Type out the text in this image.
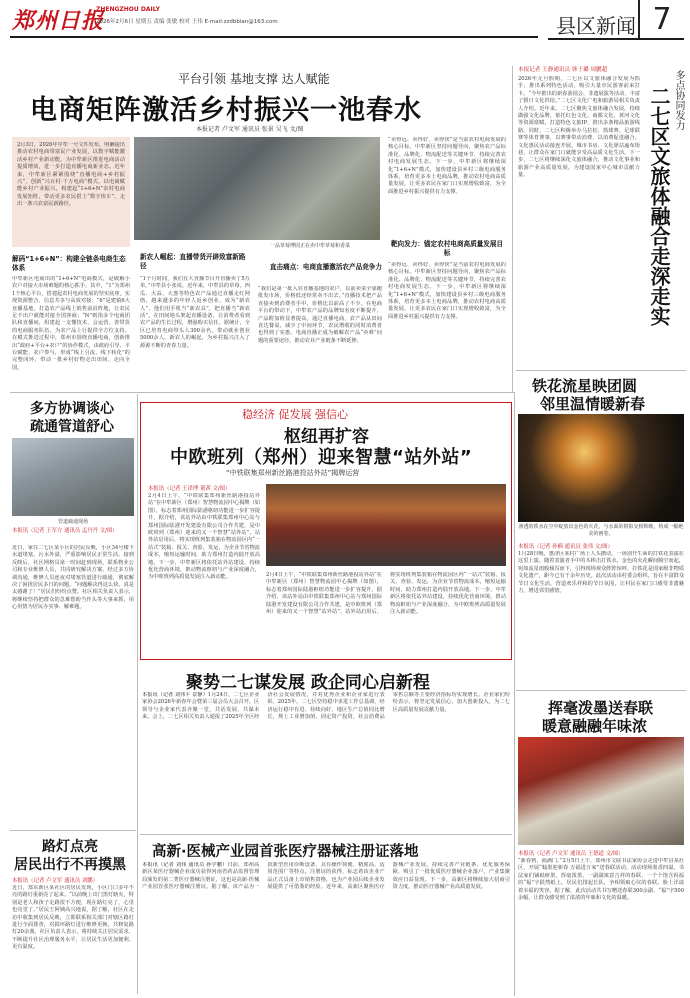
郑州日报
ZHENGZHOU DAILY
2026年2月6日 星期五 责编 张敏 校对 王伟 E-mail:zzdbbian@163.com	县区新闻 7
平台引领 基地支撑 达人赋能
电商矩阵激活乡村振兴一池春水
本报记者 卢文军 通讯员 张景 吴飞 文/图
2月3日，2026年中牟一号文件发布，明确提出推动农村电商带富民产业发展，以数字赋能激活乡村产业新动能。为中牟新区推进电商活动提质增效，进一步打造直播电商新业态。近年来，中牟新区紧紧围绕“直播电商+乡村振兴”，创新“兴百村·千万电商”模式，以电商赋能乡村产业振兴，构建起“1+6+N”农村电商发展矩阵，带动更多农民搭上“数字快车”，走出一条兴农富民新路径。
一品草莓博园正在卖中牟草莓和香菜
解码“1+6+N”：构建全链条电商生态体系
中牟新区电商出的“1+6+N”电商模式，是破解小农户对接大市场难题的核心抓手。其中，“1”为郑州1个核心平台，搭建起农村电商发展的坚实底座，实现资源整合、信息共享与高效对接；“6”是建镇6大直播基地，打造农产品线上销售前沿阵地，让农民足不出户就能对接全国客商；“N”则指多个电商团队和直播间，组建起一支懂技术、会运营、善带货的电商服务队伍，为农产品上行提供全方位支持。在模式推进过程中，郑州市围绕直播电商，创新推出“政府+平台+农户”的协作模式，由政府引导、平台赋能、农户参与，形成“线上引流、线下转化”的完整闭环，带动一批乡村好物走出田间、走向全国。
新农人崛起：直播带货开辟致富新路径
“1个月时间，我们在大直播节目开直播卖了5万单。”中牟县小张说。近年来，中牟县的草莓、西瓜、大蒜、大葱等特色农产品通过直播走红网络，越来越多的年轻人返乡创业，成为“新农人”。他们用手机当“新农具”，把直播当“新农活”，在田间地头架起直播设备，让消费者看到农产品的生长过程，增强购买信任。据统计，全区已培育电商带头人300余名，带动就业创业5000余人。新农人的崛起，为乡村振兴注入了源源不断的青春力量。
直击痛点：电商直播激活农产品竞争力
“我们是第一批入驻直播基地的农户，以前卖菜全靠跑批发市场，价格低还经常卖不出去。”直播技术把产品直接卖到消费者手中，价格比以前高了不少。在电商平台的带动下，中牟农产品的品牌知名度不断提升，产品附加值显著提高。通过直播电商，农产品从田间直达餐桌，减少了中间环节，农民增收的同时消费者也得到了实惠。电商直播正成为破解农产品“卖难”问题的重要途径，推动农业产业链条不断延伸。
“卖得远、卖得好、卖得快”是当前农村电商发展的核心目标。中牟新区坚持问题导向，聚焦农产品标准化、品牌化、物流配送等关键环节，持续完善农村电商发展生态。下一步，中牟新区将继续深化“1+6+N”模式，加快建设县乡村三级电商服务体系，培育更多本土电商品牌，推动农村电商高质量发展，让更多农民在家门口实现增收致富，为全面推进乡村振兴提供有力支撑。
靶向发力：锚定农村电商高质量发展目标
“卖得远、卖得好、卖得快”是当前农村电商发展的核心目标。中牟新区坚持问题导向，聚焦农产品标准化、品牌化、物流配送等关键环节，持续完善农村电商发展生态。下一步，中牟新区将继续深化“1+6+N”模式，加快建设县乡村三级电商服务体系，培育更多本土电商品牌，推动农村电商高质量发展，让更多农民在家门口实现增收致富，为全面推进乡村振兴提供有力支撑。
本报记者 王静通讯员 韩于璐 周鹏超
2026年元旦假期，二七区以文旅体融合发展为抓手，推出系列特色活动，吸引大量市民游客前来打卡。“今年推出的新春游园会、非遗展演等活动，丰富了假日文化供给。”二七区文化广电和旅游局相关负责人介绍。近年来，二七区聚焦文旅体融合发展，持续做强文化品牌，依托红色文化、商都文化、黄河文化等资源禀赋，打造特色文旅IP，推出多条精品旅游线路。同时，二七区积极举办马拉松、篮球赛、足球联赛等体育赛事，以赛事带动消费，以消费促进融合。文化惠民活动接连开展，城市书房、文化驿站遍布街巷，让群众在家门口就能享受高品质文化生活。下一步，二七区将继续深化文旅体融合，推动文化事业和旅游产业高质量发展，为建设国家中心城市贡献力量。
多点协同发力
二七区文旅体融合走深走实
铁花流星映团圆
邻里温情暖新春
渗透的铁水在空中绽放出金色的火花，与水面的倒影交相辉映，构成一幅绝美的画卷。
本报讯（记者 孙楠 通讯员 张伟 文/图）
1月28日晚，惠济区某村广场上人头攒动，一场别开生面的打铁花表演在这里上演。随着表演者手中的木棒击打铁水，金色的火花瞬间腾空而起，宛如流星雨般倾泻而下，引得现场观众阵阵惊呼。打铁花是国家级非物质文化遗产，距今已有千余年历史。此次活动由村委会组织，旨在丰富群众节日文化生活，营造欢乐祥和的节日氛围，让村民在家门口感受非遗魅力，增进邻里感情。
挥毫泼墨送春联
暖意融融年味浓
本报讯（记者 卢文军 通讯员 王德道 文/图）
“新春到，福满门。”2月5日上午，郑州市文联书法家协会走进中牟县某社区，开展“翰墨迎新春 万福进万家”送春联活动。活动现场墨香四溢，书法家们铺纸研墨，挥毫泼墨，一副副寓意吉祥的春联、一个个饱含祝福的“福”字跃然纸上。居民们排起长队，争相领取心仪的春联，脸上洋溢着幸福的笑容。据了解，此次活动共书写赠送春联300余副、“福”字500余幅，让群众感受到了浓浓的年味和文化的温暖。
稳经济 促发展 强信心
枢纽再扩容
中欧班列（郑州）迎来智慧“站外站”
“中铁联集郑州新丝路港投站外站”揭牌运营
本报讯（记者 王译博 董茜 文/图）
2月4日上午，“中铁联集郑州新丝路港投站外站”在中牟新区（郑州）智慧物流园中心揭牌（如图），标志着郑州国际陆港枢纽功能进一步扩容提升。据介绍，该站外站由中铁联集郑州中心站与郑州国际陆港开发建设有限公司合作共建，是中欧班列（郑州）迎来的又一个智慧“站外站”。站外站启用后，将实现班列集装箱在物流园区内“一站式”装箱、报关、查验、发运，为企业节省物流成本，缩短运输时间，助力郑州打造内陆开放高地。下一步，中牟新区将依托站外站建设，持续优化营商环境，推动物流枢纽与产业深度融合，为中欧班列高质量发展注入新动能。	2月4日上午，“中铁联集郑州新丝路港投站外站”在中牟新区（郑州）智慧物流园中心揭牌（如图），标志着郑州国际陆港枢纽功能进一步扩容提升。据介绍，该站外站由中铁联集郑州中心站与郑州国际陆港开发建设有限公司合作共建，是中欧班列（郑州）迎来的又一个智慧“站外站”。站外站启用后，将实现班列集装箱在物流园区内“一站式”装箱、报关、查验、发运，为企业节省物流成本，缩短运输时间，助力郑州打造内陆开放高地。下一步，中牟新区将依托站外站建设，持续优化营商环境，推动物流枢纽与产业深度融合，为中欧班列高质量发展注入新动能。
多方协调谈心
疏通管道舒心
管道疏通现场
本报讯（记者 王军方 通讯员 孟丹丹 文/图）
近日，家住二七区某小区的居民反映，小区34号楼下水道堵塞，污水外溢，严重影响居民正常生活。接到反映后，社区网格员第一时间赶到现场，联系物业公司和专业维修人员，共同研究解决方案。经过多方协调沟通，维修人员连夜对堵塞管道进行疏通，彻底解决了困扰居民多日的问题。“问题解决得这么快，真是太感谢了！”居民们纷纷点赞。社区相关负责人表示，将继续坚持把群众的急难愁盼当作头等大事来抓，用心用情为居民办实事、解难题。
路灯点亮
居民出行不再摸黑
本报讯（记者 卢文军 通讯员 刘鹏）
近日，郑东新区某社区的居民发现，小区门口多年不亮的路灯重新亮了起来。“以前晚上出门黑灯瞎火，特别是老人和孩子走路很不方便，现在路灯亮了，心里也亮堂了。”居民王阿姨高兴地说。据了解，社区在走访中收集到居民反映，立即联系相关部门对辖区路灯进行全面排查，对损坏路灯进行维修更换，共修复路灯20余盏。社区负责人表示，将持续关注居民需求，不断提升社区治理服务水平，让居民生活更加便利、更有温度。
聚势二七谋发展 政企同心启新程
本报讯（记者 刘伟平 景静）1月24日，二七区企业家协会2026年新春年会暨第三届会员大会召开。区领导与企业家代表齐聚一堂，共话发展、共谋未来。会上，二七区相关负责人通报了2025年全区经济社会发展情况，并对优秀企业和企业家进行表彰。2025年，二七区坚持稳中求进工作总基调，经济运行稳中有进、持续向好，地区生产总值同比增长，规上工业增加值、固定资产投资、社会消费品零售总额等主要经济指标均实现增长。企业家们纷纷表示，将坚定发展信心，加大创新投入，为二七区高质量发展贡献力量。
高新·医械产业园首张医疗器械注册证落地
本报讯（记者 刘伟 通讯员 孙宇鹏）日前，郑州高新区某医疗器械企业成功获得河南省药品监督管理局颁发的第二类医疗器械注册证，这也是高新·医械产业园首张医疗器械注册证。据了解，该产品为一款新型医用诊断设备，具有操作简便、精度高、适用范围广等特点。注册证的获得，标志着该企业产品正式具备上市销售资格，也为产业园后续企业发展提供了可借鉴的经验。近年来，高新区聚焦医疗器械产业发展，持续完善产业链条，优化服务保障，吸引了一批优质医疗器械企业落户，产业集聚效应日益显现。下一步，高新区将继续加大招商引资力度，推动医疗器械产业高质量发展。
